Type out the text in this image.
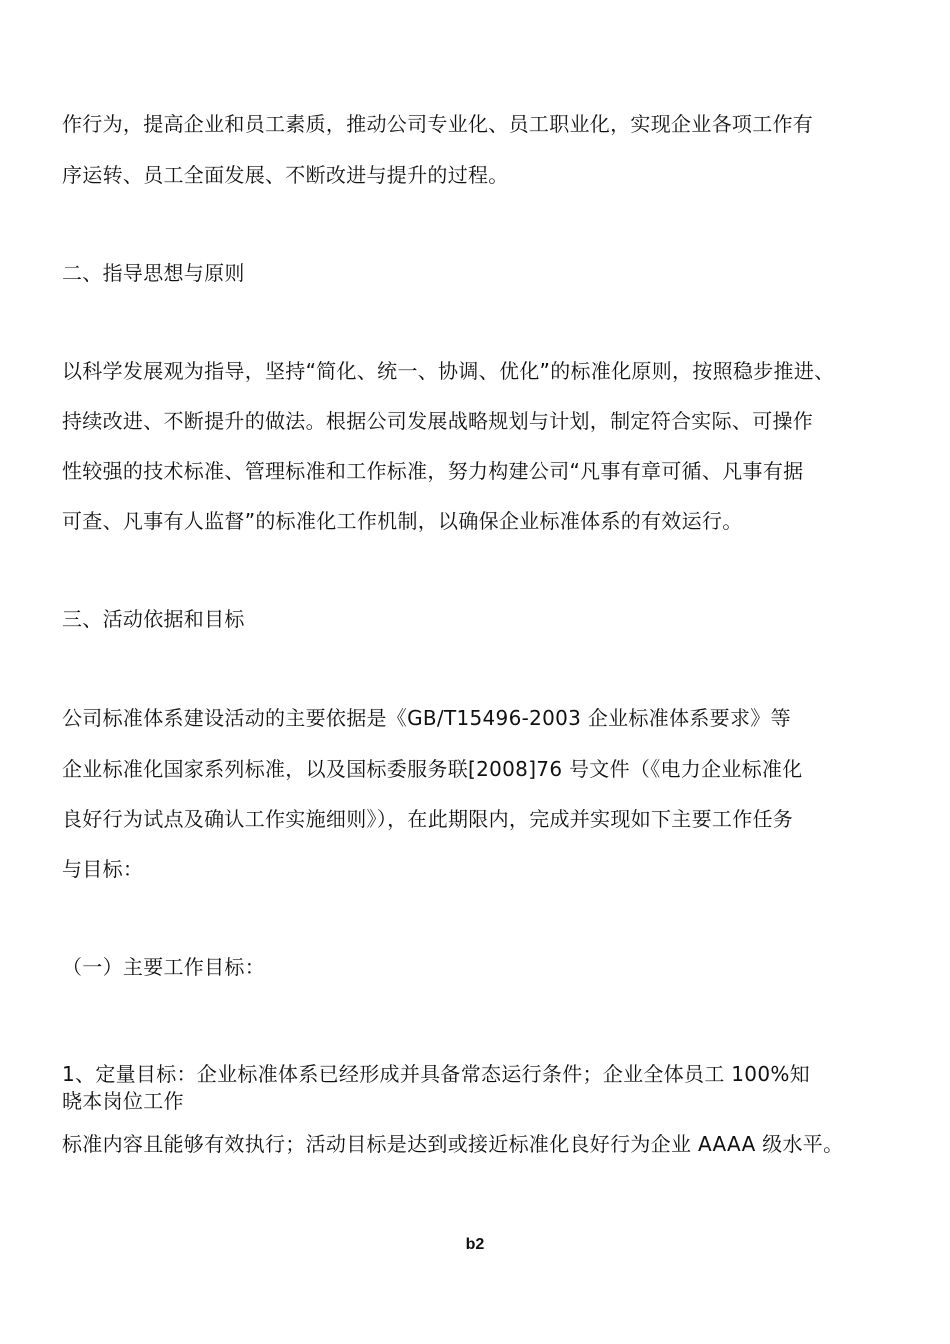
作行为，提高企业和员工素质，推动公司专业化、员工职业化，实现企业各项工作有
序运转、员工全面发展、不断改进与提升的过程。
二、指导思想与原则
以科学发展观为指导，坚持“简化、统一、协调、优化”的标准化原则，按照稳步推进、
持续改进、不断提升的做法。根据公司发展战略规划与计划，制定符合实际、可操作
性较强的技术标准、管理标准和工作标准，努力构建公司“凡事有章可循、凡事有据
可查、凡事有人监督”的标准化工作机制，以确保企业标准体系的有效运行。
三、活动依据和目标
公司标准体系建设活动的主要依据是《GB/T15496-2003 企业标准体系要求》等
企业标准化国家系列标准，以及国标委服务联[2008]76 号文件（《电力企业标准化
良好行为试点及确认工作实施细则》），在此期限内，完成并实现如下主要工作任务
与目标：
（一）主要工作目标：
1、定量目标：企业标准体系已经形成并具备常态运行条件；企业全体员工 100%知
晓本岗位工作
标准内容且能够有效执行；活动目标是达到或接近标准化良好行为企业 AAAA 级水平。
b2
